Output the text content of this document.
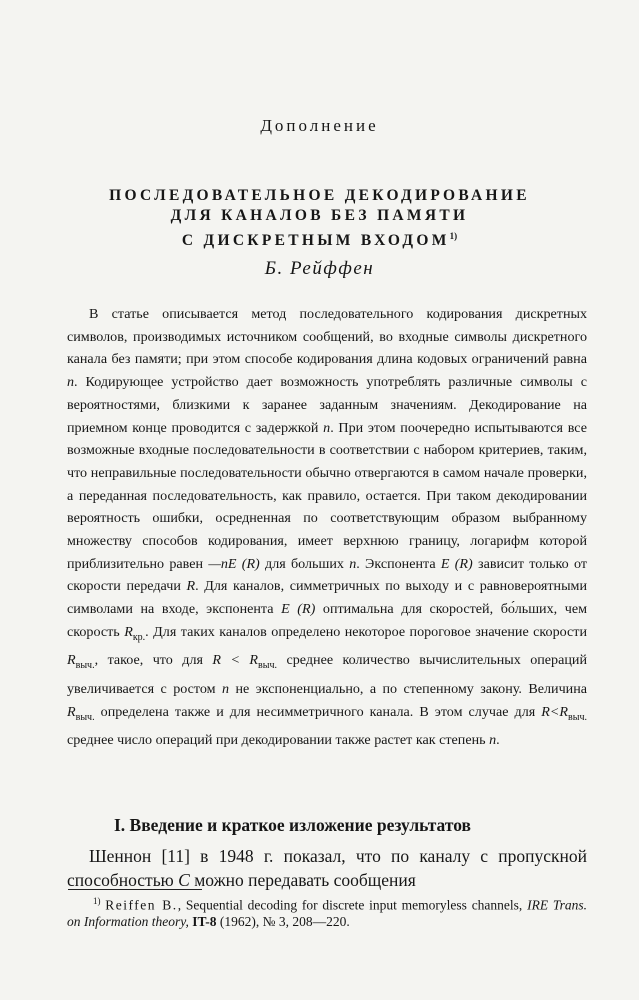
Дополнение
ПОСЛЕДОВАТЕЛЬНОЕ ДЕКОДИРОВАНИЕ
ДЛЯ КАНАЛОВ БЕЗ ПАМЯТИ
С ДИСКРЕТНЫМ ВХОДОМ$^{1)}$
Б. Рейффен

В статье описывается метод последовательного кодирования дискретных символов, производимых источником сообщений, во входные символы дискретного канала без памяти; при этом способе кодирования длина кодовых ограничений равна n. Кодирующее устройство дает возможность употреблять различные символы с вероятностями, близкими к заранее заданным значениям. Декодирование на приемном конце проводится с задержкой n. При этом поочередно испытываются все возможные входные последовательности в соответствии с набором критериев, таким, что неправильные последовательности обычно отвергаются в самом начале проверки, а переданная последовательность, как правило, остается. При таком декодировании вероятность ошибки, осредненная по соответствующим образом выбранному множеству способов кодирования, имеет верхнюю границу, логарифм которой приблизительно равен —nE (R) для больших n. Экспонента E (R) зависит только от скорости передачи R. Для каналов, симметричных по выходу и с равновероятными символами на входе, экспонента E (R) оптимальна для скоростей, бо́льших, чем скорость $R_{кр.}$. Для таких каналов определено некоторое пороговое значение скорости $R_{выч.}$, такое, что для $R < R_{выч.}$ среднее количество вычислительных операций увеличивается с ростом n не экспоненциально, а по степенному закону. Величина $R_{выч.}$ определена также и для несимметричного канала. В этом случае для $R<R_{выч.}$ среднее число операций при декодировании также растет как степень n.

I. Введение и краткое изложение результатов

Шеннон [11] в 1948 г. показал, что по каналу с пропускной способностью C можно передавать сообщения

$^{1)}$ Reiffen B., Sequential decoding for discrete input memoryless channels, IRE Trans. on Information theory, IT-8 (1962), № 3, 208—220.
